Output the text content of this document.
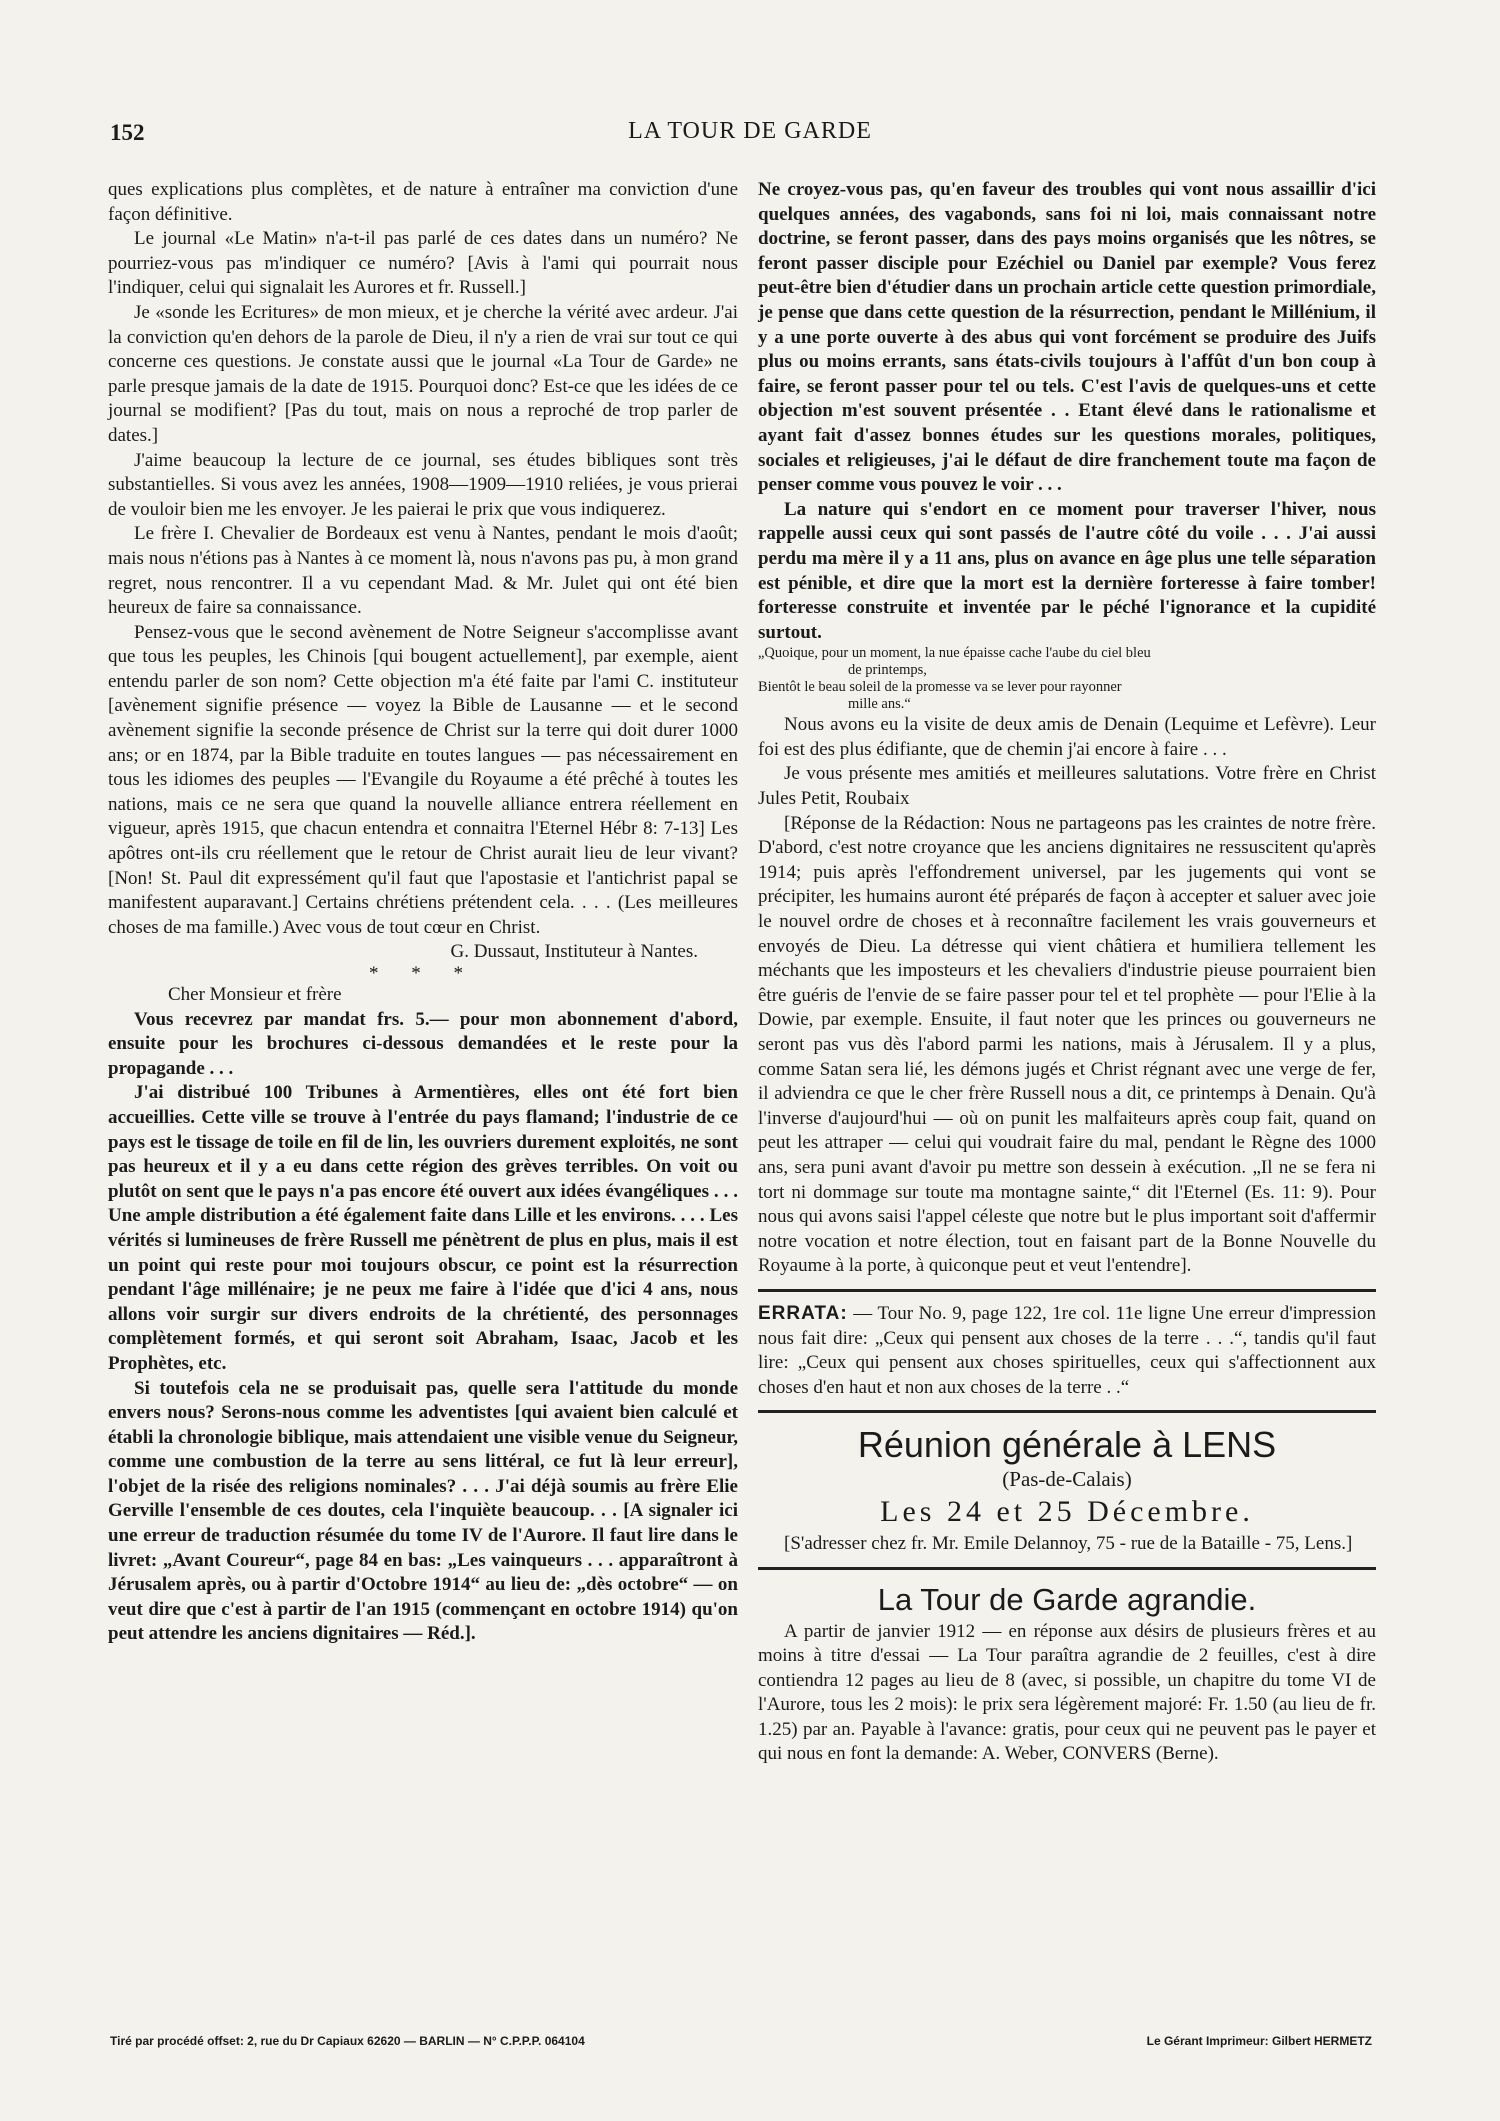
152	LA TOUR DE GARDE

ques explications plus complètes, et de nature à entraîner ma conviction d'une façon définitive.

Le journal «Le Matin» n'a-t-il pas parlé de ces dates dans un numéro? Ne pourriez-vous pas m'indiquer ce numéro? [Avis à l'ami qui pourrait nous l'indiquer, celui qui signalait les Aurores et fr. Russell.]

Je «sonde les Ecritures» de mon mieux, et je cherche la vérité avec ardeur. J'ai la conviction qu'en dehors de la parole de Dieu, il n'y a rien de vrai sur tout ce qui concerne ces questions. Je constate aussi que le journal «La Tour de Garde» ne parle presque jamais de la date de 1915. Pourquoi donc? Est-ce que les idées de ce journal se modifient? [Pas du tout, mais on nous a reproché de trop parler de dates.]

J'aime beaucoup la lecture de ce journal, ses études bibliques sont très substantielles. Si vous avez les années, 1908—1909—1910 reliées, je vous prierai de vouloir bien me les envoyer. Je les paierai le prix que vous indiquerez.

Le frère I. Chevalier de Bordeaux est venu à Nantes, pendant le mois d'août; mais nous n'étions pas à Nantes à ce moment là, nous n'avons pas pu, à mon grand regret, nous rencontrer. Il a vu cependant Mad. & Mr. Julet qui ont été bien heureux de faire sa connaissance.

Pensez-vous que le second avènement de Notre Seigneur s'accomplisse avant que tous les peuples, les Chinois [qui bougent actuellement], par exemple, aient entendu parler de son nom? Cette objection m'a été faite par l'ami C. instituteur [avènement signifie présence — voyez la Bible de Lausanne — et le second avènement signifie la seconde présence de Christ sur la terre qui doit durer 1000 ans; or en 1874, par la Bible traduite en toutes langues — pas nécessairement en tous les idiomes des peuples — l'Evangile du Royaume a été prêché à toutes les nations, mais ce ne sera que quand la nouvelle alliance entrera réellement en vigueur, après 1915, que chacun entendra et connaitra l'Eternel Hébr 8: 7-13] Les apôtres ont-ils cru réellement que le retour de Christ aurait lieu de leur vivant? [Non! St. Paul dit expressément qu'il faut que l'apostasie et l'antichrist papal se manifestent auparavant.] Certains chrétiens prétendent cela. . . . (Les meilleures choses de ma famille.) Avec vous de tout cœur en Christ.

G. Dussaut, Instituteur à Nantes.

* * *

Cher Monsieur et frère

Vous recevrez par mandat frs. 5.— pour mon abonnement d'abord, ensuite pour les brochures ci-dessous demandées et le reste pour la propagande . . .

J'ai distribué 100 Tribunes à Armentières, elles ont été fort bien accueillies. Cette ville se trouve à l'entrée du pays flamand; l'industrie de ce pays est le tissage de toile en fil de lin, les ouvriers durement exploités, ne sont pas heureux et il y a eu dans cette région des grèves terribles. On voit ou plutôt on sent que le pays n'a pas encore été ouvert aux idées évangéliques . . . Une ample distribution a été également faite dans Lille et les environs. . . . Les vérités si lumineuses de frère Russell me pénètrent de plus en plus, mais il est un point qui reste pour moi toujours obscur, ce point est la résurrection pendant l'âge millénaire; je ne peux me faire à l'idée que d'ici 4 ans, nous allons voir surgir sur divers endroits de la chrétienté, des personnages complètement formés, et qui seront soit Abraham, Isaac, Jacob et les Prophètes, etc.

Si toutefois cela ne se produisait pas, quelle sera l'attitude du monde envers nous? Serons-nous comme les adventistes [qui avaient bien calculé et établi la chronologie biblique, mais attendaient une visible venue du Seigneur, comme une combustion de la terre au sens littéral, ce fut là leur erreur], l'objet de la risée des religions nominales? . . . J'ai déjà soumis au frère Elie Gerville l'ensemble de ces doutes, cela l'inquiète beaucoup. . . [A signaler ici une erreur de traduction résumée du tome IV de l'Aurore. Il faut lire dans le livret: „Avant Coureur“, page 84 en bas: „Les vainqueurs . . . apparaîtront à Jérusalem après, ou à partir d'Octobre 1914“ au lieu de: „dès octobre“ — on veut dire que c'est à partir de l'an 1915 (commençant en octobre 1914) qu'on peut attendre les anciens dignitaires — Réd.].

Ne croyez-vous pas, qu'en faveur des troubles qui vont nous assaillir d'ici quelques années, des vagabonds, sans foi ni loi, mais connaissant notre doctrine, se feront passer, dans des pays moins organisés que les nôtres, se feront passer disciple pour Ezéchiel ou Daniel par exemple? Vous ferez peut-être bien d'étudier dans un prochain article cette question primordiale, je pense que dans cette question de la résurrection, pendant le Millénium, il y a une porte ouverte à des abus qui vont forcément se produire des Juifs plus ou moins errants, sans états-civils toujours à l'affût d'un bon coup à faire, se feront passer pour tel ou tels. C'est l'avis de quelques-uns et cette objection m'est souvent présentée . . Etant élevé dans le rationalisme et ayant fait d'assez bonnes études sur les questions morales, politiques, sociales et religieuses, j'ai le défaut de dire franchement toute ma façon de penser comme vous pouvez le voir . . .

La nature qui s'endort en ce moment pour traverser l'hiver, nous rappelle aussi ceux qui sont passés de l'autre côté du voile . . . J'ai aussi perdu ma mère il y a 11 ans, plus on avance en âge plus une telle séparation est pénible, et dire que la mort est la dernière forteresse à faire tomber! forteresse construite et inventée par le péché l'ignorance et la cupidité surtout.

„Quoique, pour un moment, la nue épaisse cache l'aube du ciel bleu
de printemps,
Bientôt le beau soleil de la promesse va se lever pour rayonner
mille ans.“

Nous avons eu la visite de deux amis de Denain (Lequime et Lefèvre). Leur foi est des plus édifiante, que de chemin j'ai encore à faire . . .

Je vous présente mes amitiés et meilleures salutations. Votre frère en Christ Jules Petit, Roubaix

[Réponse de la Rédaction: Nous ne partageons pas les craintes de notre frère. D'abord, c'est notre croyance que les anciens dignitaires ne ressuscitent qu'après 1914; puis après l'effondrement universel, par les jugements qui vont se précipiter, les humains auront été préparés de façon à accepter et saluer avec joie le nouvel ordre de choses et à reconnaître facilement les vrais gouverneurs et envoyés de Dieu. La détresse qui vient châtiera et humiliera tellement les méchants que les imposteurs et les chevaliers d'industrie pieuse pourraient bien être guéris de l'envie de se faire passer pour tel et tel prophète — pour l'Elie à la Dowie, par exemple. Ensuite, il faut noter que les princes ou gouverneurs ne seront pas vus dès l'abord parmi les nations, mais à Jérusalem. Il y a plus, comme Satan sera lié, les démons jugés et Christ régnant avec une verge de fer, il adviendra ce que le cher frère Russell nous a dit, ce printemps à Denain. Qu'à l'inverse d'aujourd'hui — où on punit les malfaiteurs après coup fait, quand on peut les attraper — celui qui voudrait faire du mal, pendant le Règne des 1000 ans, sera puni avant d'avoir pu mettre son dessein à exécution. „Il ne se fera ni tort ni dommage sur toute ma montagne sainte,“ dit l'Eternel (Es. 11: 9). Pour nous qui avons saisi l'appel céleste que notre but le plus important soit d'affermir notre vocation et notre élection, tout en faisant part de la Bonne Nouvelle du Royaume à la porte, à quiconque peut et veut l'entendre].

ERRATA: — Tour No. 9, page 122, 1re col. 11e ligne Une erreur d'impression nous fait dire: „Ceux qui pensent aux choses de la terre . . .“, tandis qu'il faut lire: „Ceux qui pensent aux choses spirituelles, ceux qui s'affectionnent aux choses d'en haut et non aux choses de la terre . .“

Réunion générale à LENS

(Pas-de-Calais)

Les 24 et 25 Décembre.

[S'adresser chez fr. Mr. Emile Delannoy, 75 - rue de la Bataille - 75, Lens.]

La Tour de Garde agrandie.

A partir de janvier 1912 — en réponse aux désirs de plusieurs frères et au moins à titre d'essai — La Tour paraîtra agrandie de 2 feuilles, c'est à dire contiendra 12 pages au lieu de 8 (avec, si possible, un chapitre du tome VI de l'Aurore, tous les 2 mois): le prix sera légèrement majoré: Fr. 1.50 (au lieu de fr. 1.25) par an. Payable à l'avance: gratis, pour ceux qui ne peuvent pas le payer et qui nous en font la demande: A. Weber, CONVERS (Berne).

Tiré par procédé offset: 2, rue du Dr Capiaux 62620 — BARLIN — N° C.P.P.P. 064104	Le Gérant Imprimeur: Gilbert HERMETZ
